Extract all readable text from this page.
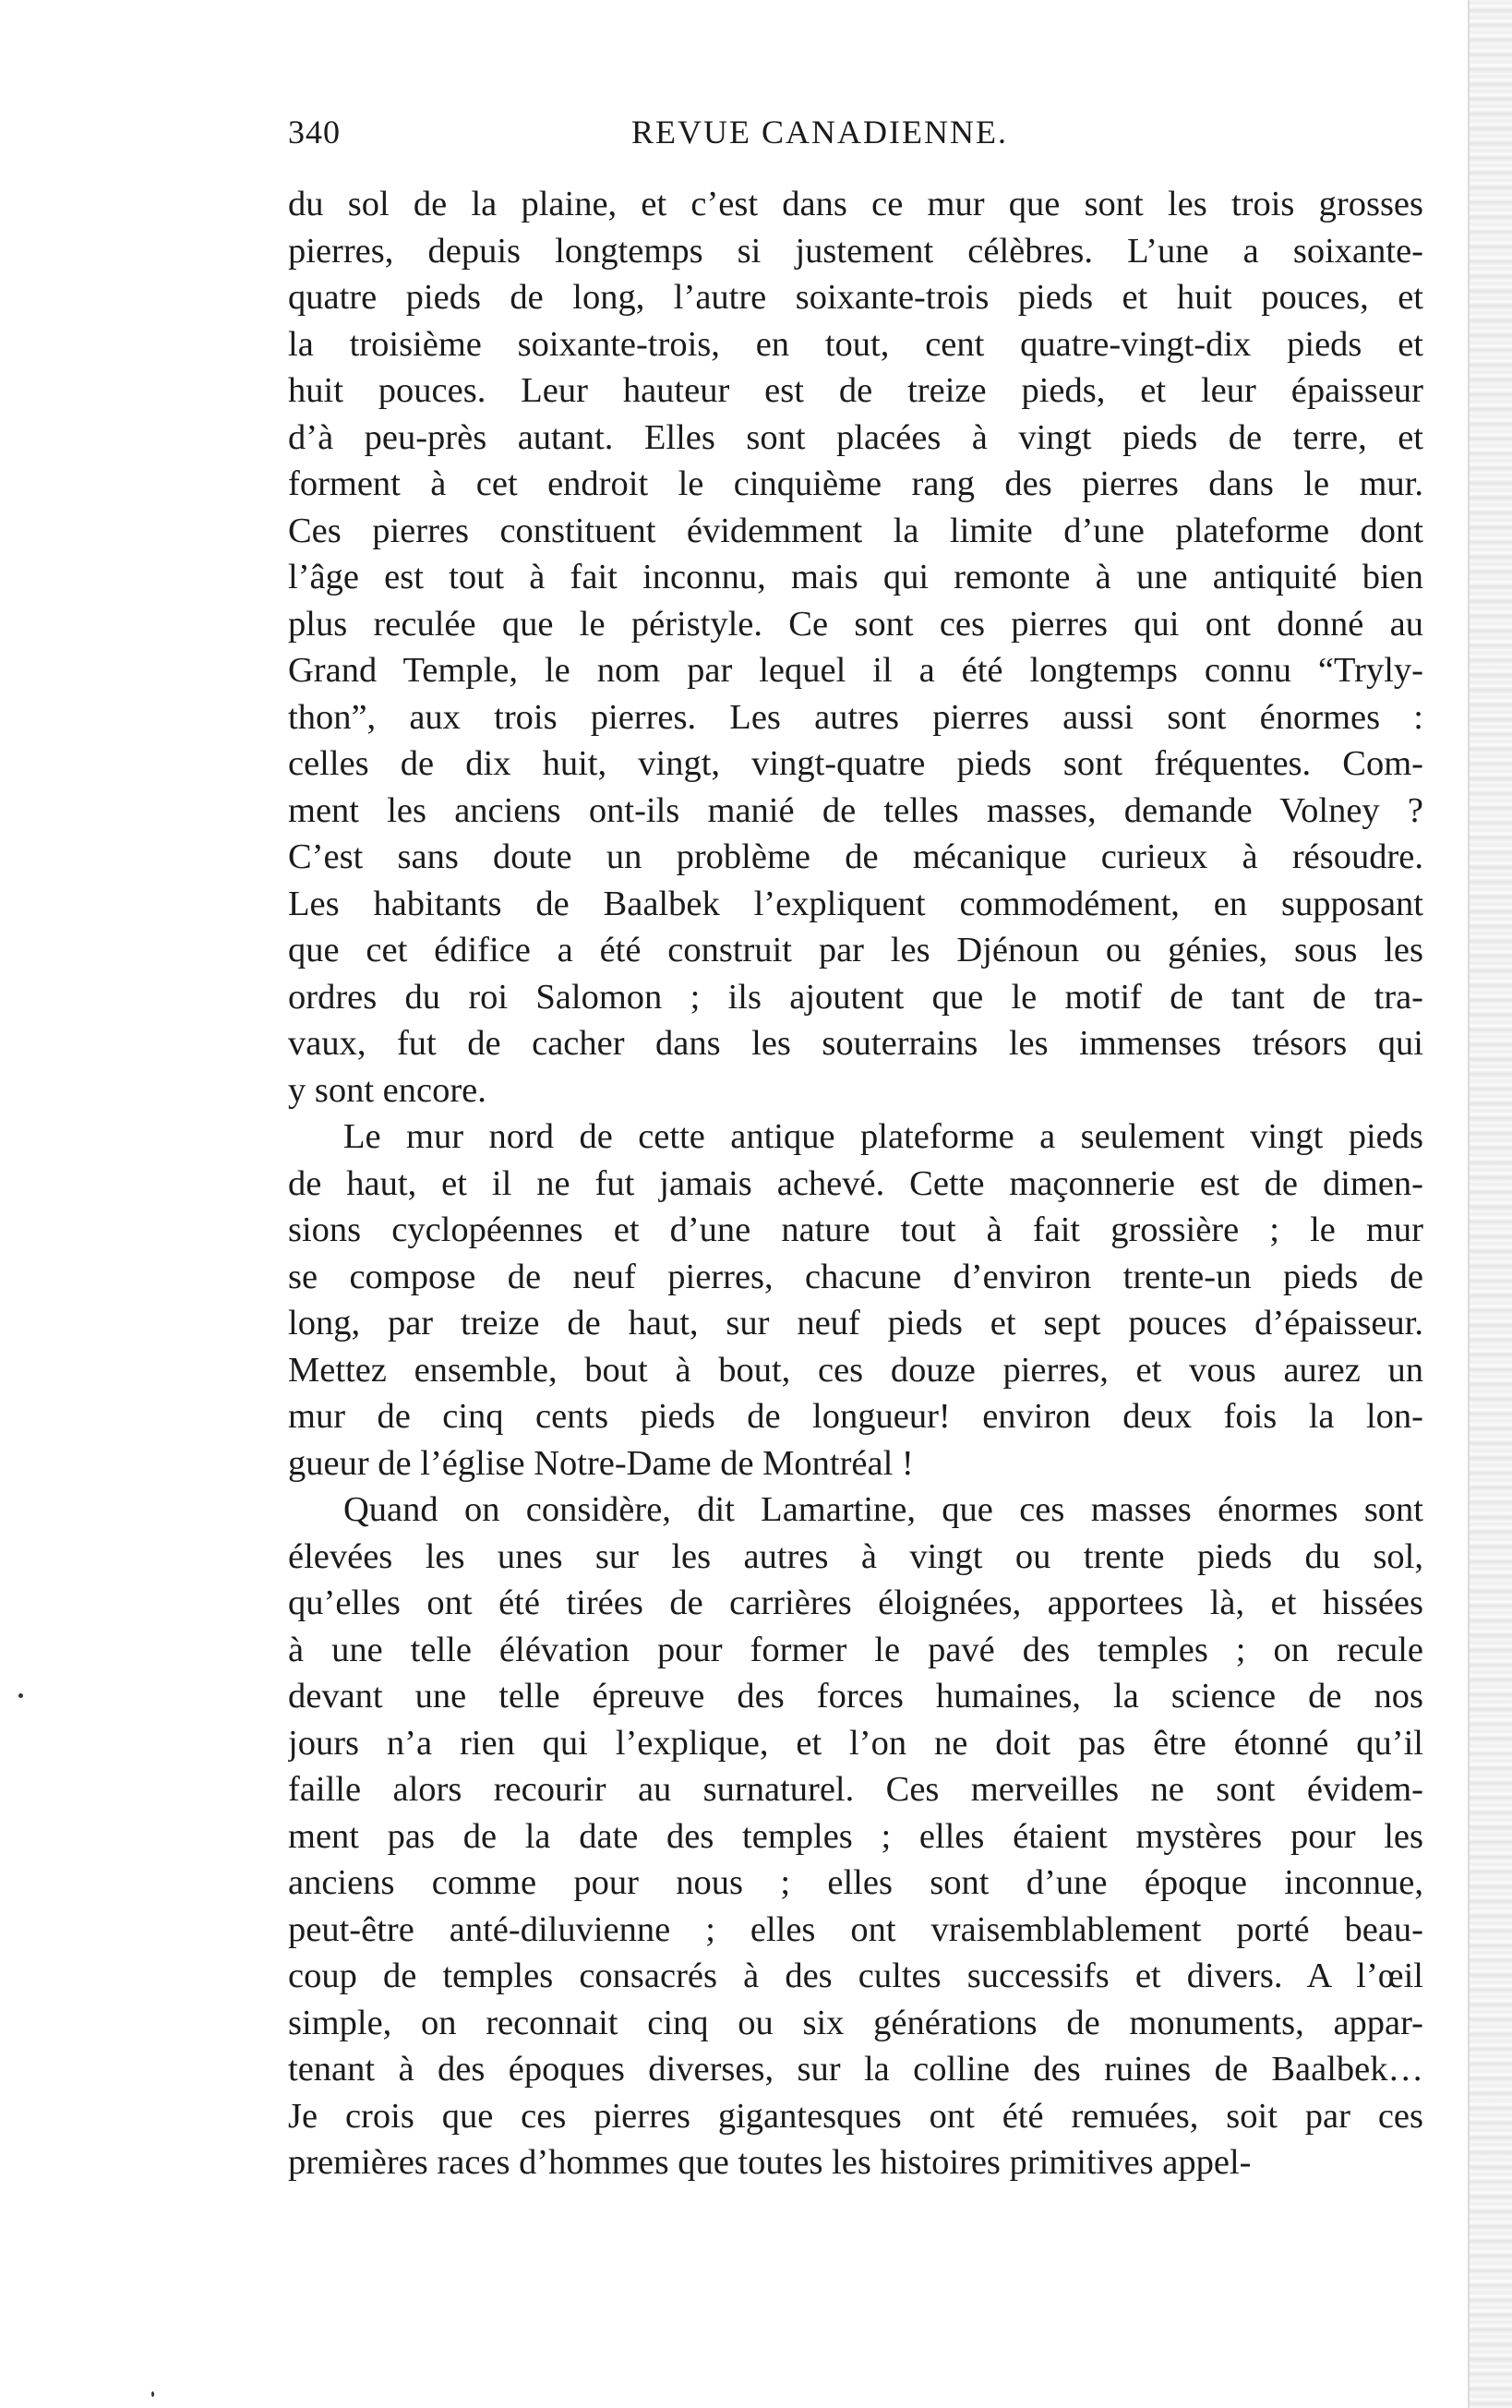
340	REVUE CANADIENNE.
du sol de la plaine, et c’est dans ce mur que sont les trois grosses
pierres, depuis longtemps si justement célèbres. L’une a soixante-
quatre pieds de long, l’autre soixante-trois pieds et huit pouces, et
la troisième soixante-trois, en tout, cent quatre-vingt-dix pieds et
huit pouces. Leur hauteur est de treize pieds, et leur épaisseur
d’à peu-près autant. Elles sont placées à vingt pieds de terre, et
forment à cet endroit le cinquième rang des pierres dans le mur.
Ces pierres constituent évidemment la limite d’une plateforme dont
l’âge est tout à fait inconnu, mais qui remonte à une antiquité bien
plus reculée que le péristyle. Ce sont ces pierres qui ont donné au
Grand Temple, le nom par lequel il a été longtemps connu “Tryly-
thon”, aux trois pierres. Les autres pierres aussi sont énormes :
celles de dix huit, vingt, vingt-quatre pieds sont fréquentes. Com-
ment les anciens ont-ils manié de telles masses, demande Volney ?
C’est sans doute un problème de mécanique curieux à résoudre.
Les habitants de Baalbek l’expliquent commodément, en supposant
que cet édifice a été construit par les Djénoun ou génies, sous les
ordres du roi Salomon ; ils ajoutent que le motif de tant de tra-
vaux, fut de cacher dans les souterrains les immenses trésors qui
y sont encore.
Le mur nord de cette antique plateforme a seulement vingt pieds
de haut, et il ne fut jamais achevé. Cette maçonnerie est de dimen-
sions cyclopéennes et d’une nature tout à fait grossière ; le mur
se compose de neuf pierres, chacune d’environ trente-un pieds de
long, par treize de haut, sur neuf pieds et sept pouces d’épaisseur.
Mettez ensemble, bout à bout, ces douze pierres, et vous aurez un
mur de cinq cents pieds de longueur! environ deux fois la lon-
gueur de l’église Notre-Dame de Montréal !
Quand on considère, dit Lamartine, que ces masses énormes sont
élevées les unes sur les autres à vingt ou trente pieds du sol,
qu’elles ont été tirées de carrières éloignées, apportees là, et hissées
à une telle élévation pour former le pavé des temples ; on recule
devant une telle épreuve des forces humaines, la science de nos
jours n’a rien qui l’explique, et l’on ne doit pas être étonné qu’il
faille alors recourir au surnaturel. Ces merveilles ne sont évidem-
ment pas de la date des temples ; elles étaient mystères pour les
anciens comme pour nous ; elles sont d’une époque inconnue,
peut-être anté-diluvienne ; elles ont vraisemblablement porté beau-
coup de temples consacrés à des cultes successifs et divers. A l’œil
simple, on reconnait cinq ou six générations de monuments, appar-
tenant à des époques diverses, sur la colline des ruines de Baalbek…
Je crois que ces pierres gigantesques ont été remuées, soit par ces
premières races d’hommes que toutes les histoires primitives appel-
